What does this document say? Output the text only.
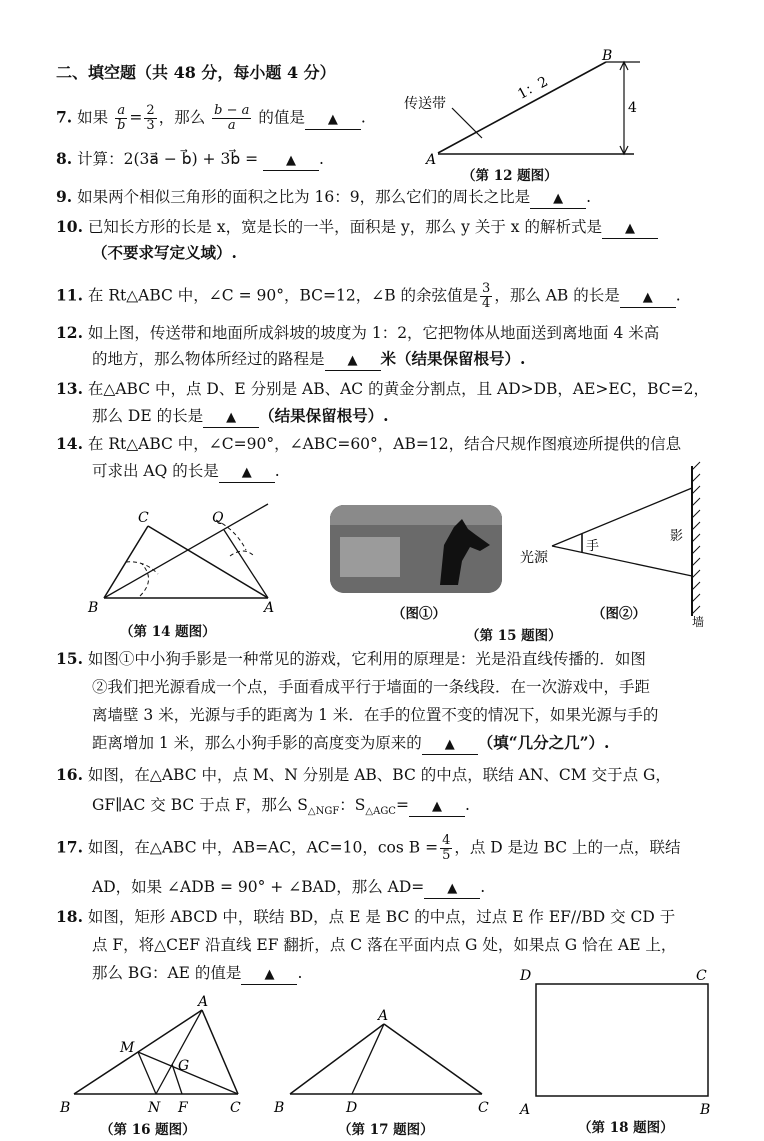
二、填空题（共 48 分，每小题 4 分）
7. 如果 $\frac{a}{b} = \frac{2}{3}$ ，那么 $\frac{b - a}{a}$ 的值是 ▲ .
8. 计算：2(3a⃗ − b⃗) + 3b⃗ = ▲ .
9. 如果两个相似三角形的面积之比为 16：9，那么它们的周长之比是 ▲ .
10. 已知长方形的长是 x，宽是长的一半，面积是 y，那么 y 关于 x 的解析式是 ▲
（不要求写定义域）.
11. 在 Rt△ABC 中，∠C = 90°，BC=12，∠B 的余弦值是 $\frac{3}{4}$ ，那么 AB 的长是 ▲ .
12. 如上图，传送带和地面所成斜坡的坡度为 1：2，它把物体从地面送到离地面 4 米高
的地方，那么物体所经过的路程是 ▲ 米（结果保留根号）.
13. 在△ABC 中，点 D、E 分别是 AB、AC 的黄金分割点，且 AD>DB，AE>EC，BC=2，
那么 DE 的长是 ▲ （结果保留根号）.
14. 在 Rt△ABC 中，∠C=90°，∠ABC=60°，AB=12，结合尺规作图痕迹所提供的信息
可求出 AQ 的长是 ▲ .
15. 如图①中小狗手影是一种常见的游戏，它利用的原理是：光是沿直线传播的．如图
②我们把光源看成一个点，手面看成平行于墙面的一条线段．在一次游戏中，手距
离墙壁 3 米，光源与手的距离为 1 米．在手的位置不变的情况下，如果光源与手的
距离增加 1 米，那么小狗手影的高度变为原来的 ▲ （填“几分之几”）.
16. 如图，在△ABC 中，点 M、N 分别是 AB、BC 的中点，联结 AN、CM 交于点 G，
GF∥AC 交 BC 于点 F，那么 $S_{\triangle NGF}$：$S_{\triangle AGC}=$ ▲ .
17. 如图，在△ABC 中，AB=AC，AC=10，$\cos B = \frac{4}{5}$ ，点 D 是边 BC 上的一点，联结
AD，如果 ∠ADB = 90° + ∠BAD，那么 AD= ▲ .
18. 如图，矩形 ABCD 中，联结 BD，点 E 是 BC 的中点，过点 E 作 EF//BD 交 CD 于
点 F，将△CEF 沿直线 EF 翻折，点 C 落在平面内点 G 处，如果点 G 恰在 AE 上，
那么 BG：AE 的值是 ▲ .
传送带
1：2
4
A
B
（第 12 题图）
B	A
C	Q
（第 14 题图）
（图①）
光源
手
影
墙
（图②）
（第 15 题图）
B	C
A
M
N
G
F
（第 16 题图）
B	C
A
D
（第 17 题图）
D	C
A	B
（第 18 题图）
